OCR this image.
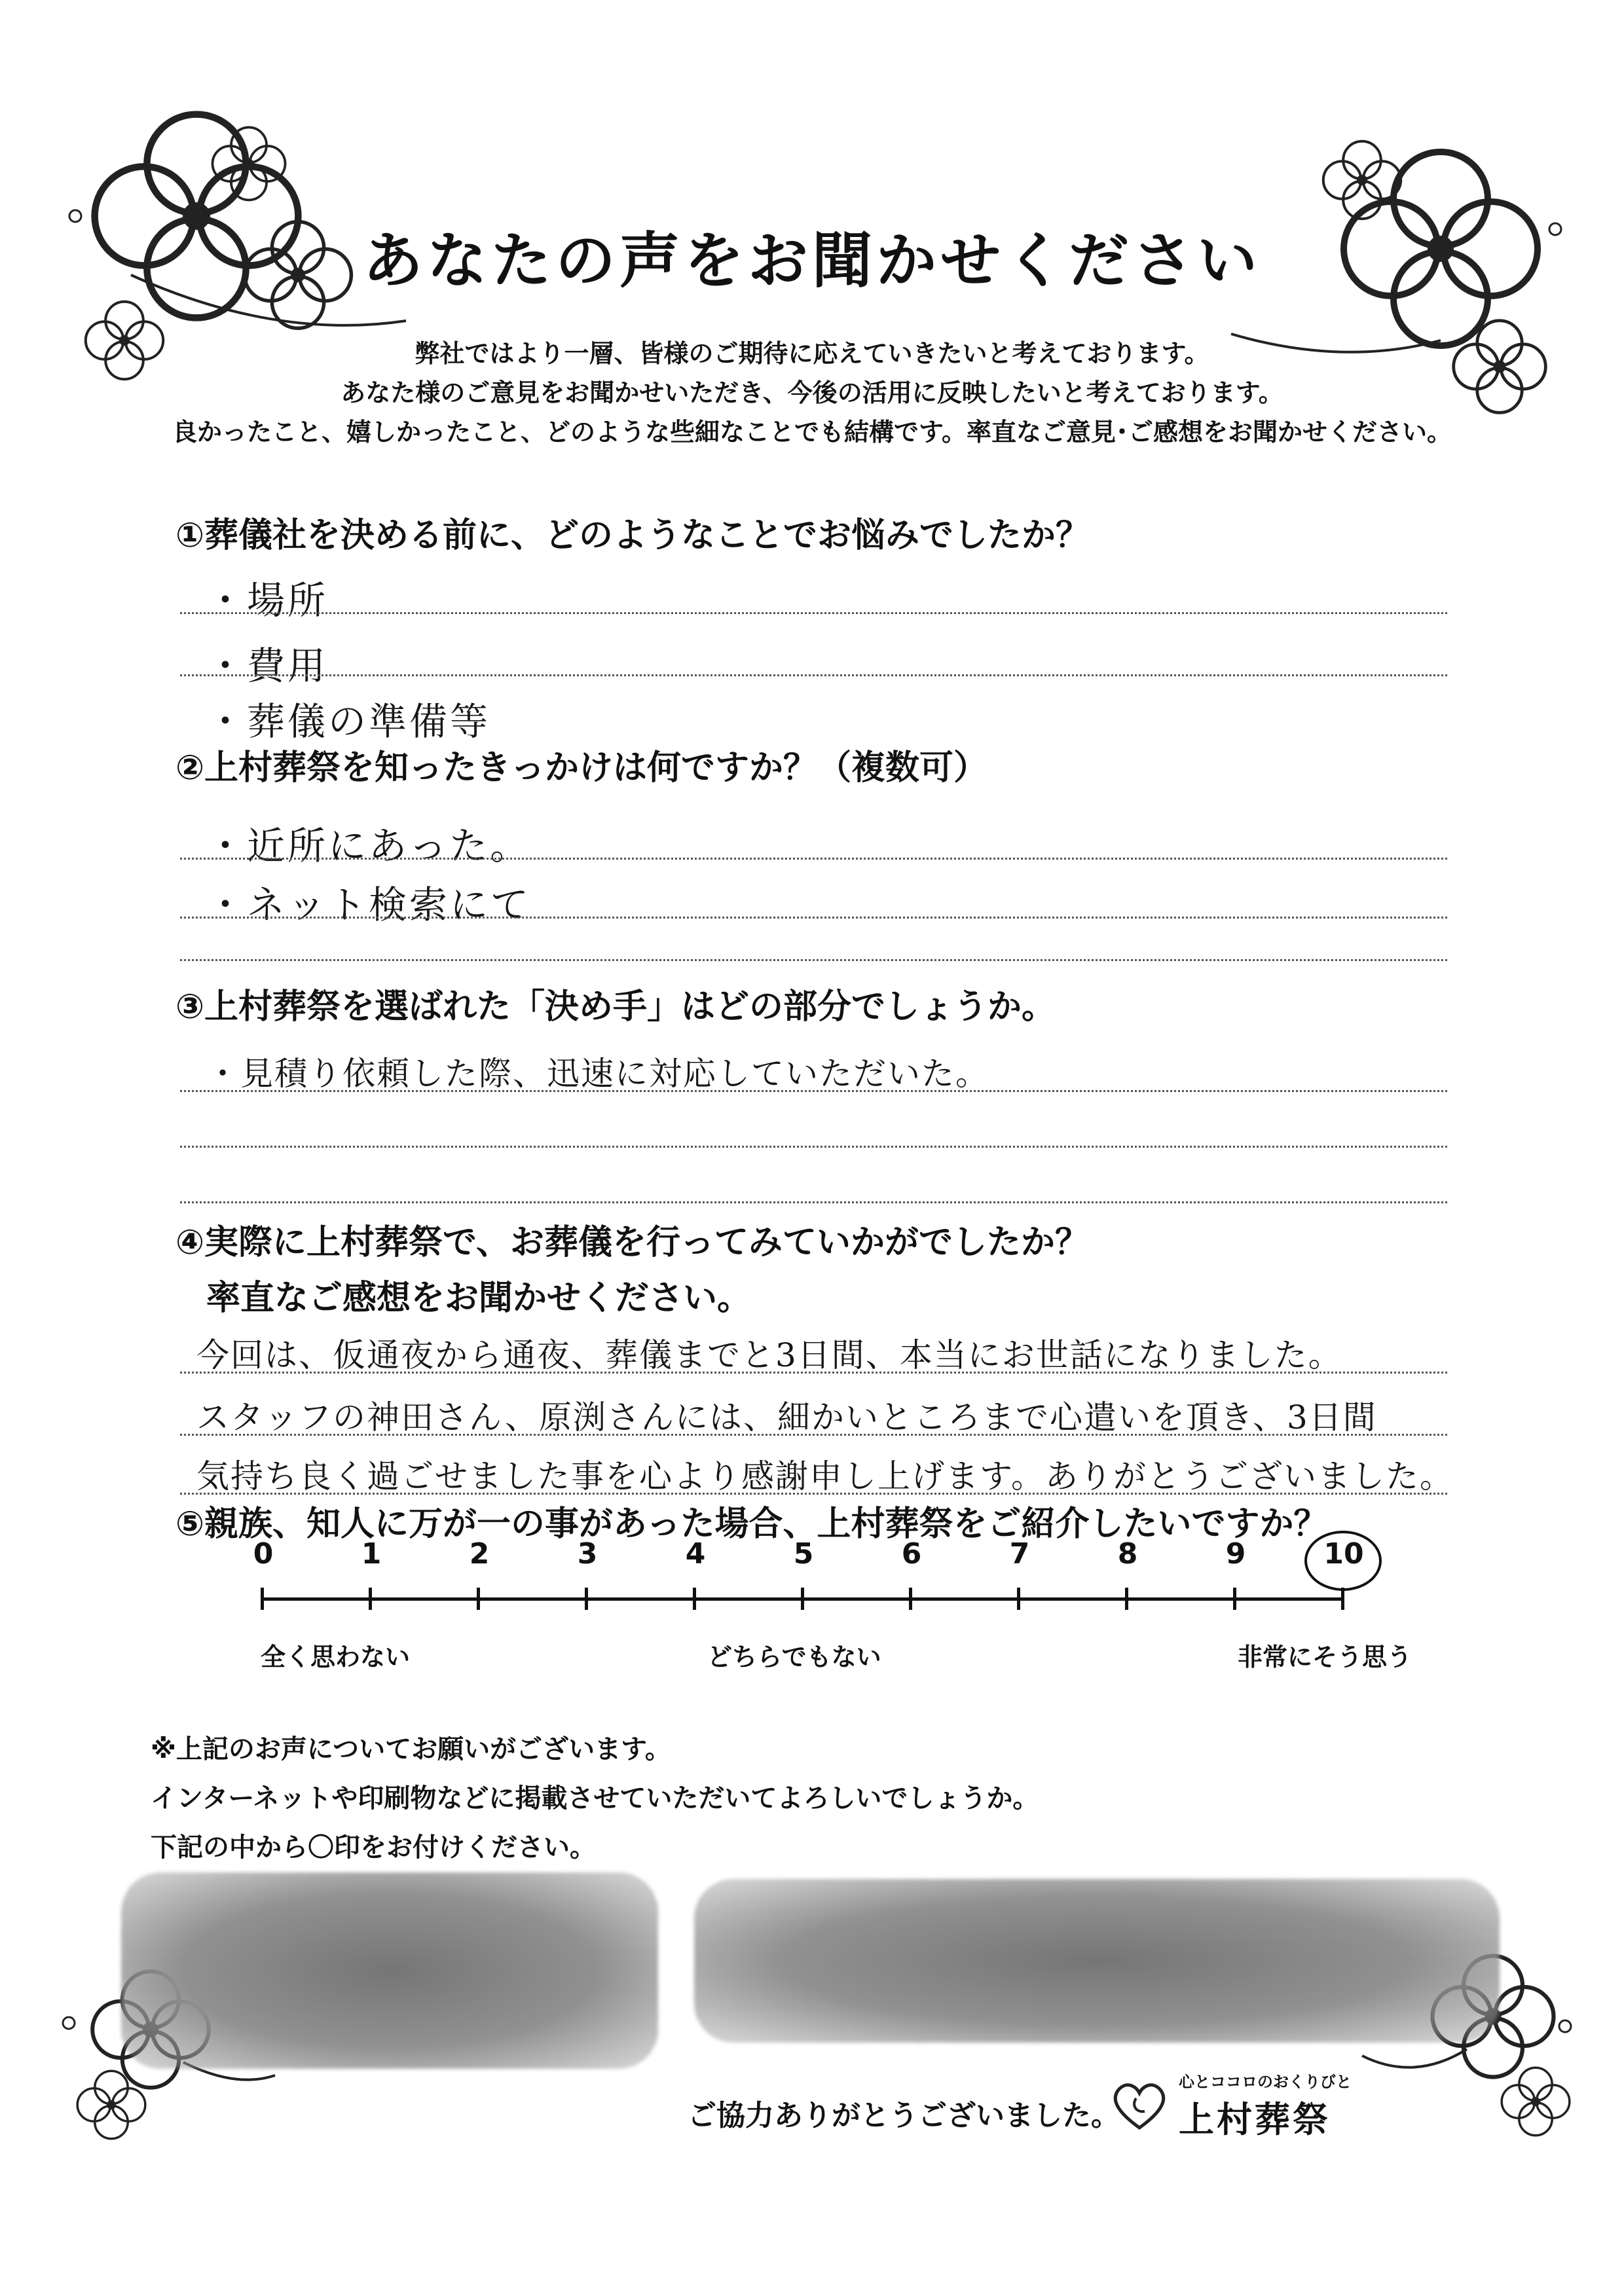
あなたの声をお聞かせください
弊社ではより一層、皆様のご期待に応えていきたいと考えております。
あなた様のご意見をお聞かせいただき、今後の活用に反映したいと考えております。
良かったこと、嬉しかったこと、どのような些細なことでも結構です。率直なご意見･ご感想をお聞かせください。
①葬儀社を決める前に、どのようなことでお悩みでしたか？
・場所
・費用
・葬儀の準備等
②上村葬祭を知ったきっかけは何ですか？（複数可）
・近所にあった。
・ネット検索にて
③上村葬祭を選ばれた「決め手」はどの部分でしょうか。
・見積り依頼した際、迅速に対応していただいた。
④実際に上村葬祭で、お葬儀を行ってみていかがでしたか？
率直なご感想をお聞かせください。
今回は、仮通夜から通夜、葬儀までと3日間、本当にお世話になりました。
スタッフの神田さん、原渕さんには、細かいところまで心遣いを頂き、3日間
気持ち良く過ごせました事を心より感謝申し上げます。ありがとうございました。
⑤親族、知人に万が一の事があった場合、上村葬祭をご紹介したいですか？
0	1	2	3	4	5	6	7	8	9	10
全く思わない	どちらでもない	非常にそう思う
※上記のお声についてお願いがございます。
インターネットや印刷物などに掲載させていただいてよろしいでしょうか。
下記の中から〇印をお付けください。
ご協力ありがとうございました。
心とココロのおくりびと
上村葬祭
